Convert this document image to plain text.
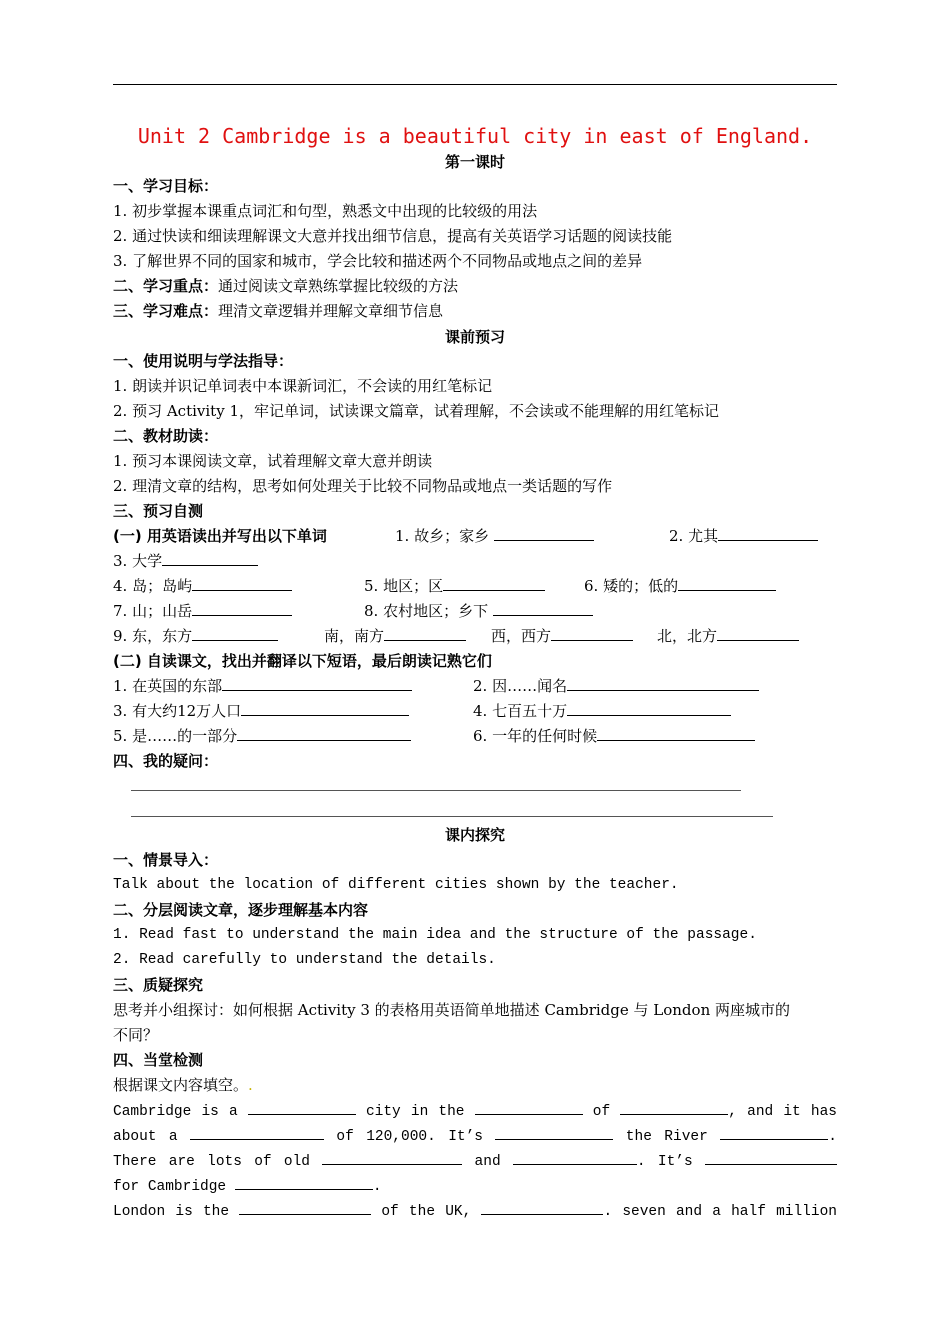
Unit 2 Cambridge is a beautiful city in east of England.
第一课时
一、学习目标：
1. 初步掌握本课重点词汇和句型，熟悉文中出现的比较级的用法
2. 通过快读和细读理解课文大意并找出细节信息，提高有关英语学习话题的阅读技能
3. 了解世界不同的国家和城市，学会比较和描述两个不同物品或地点之间的差异
二、学习重点：通过阅读文章熟练掌握比较级的方法
三、学习难点：理清文章逻辑并理解文章细节信息
课前预习
一、使用说明与学法指导：
1. 朗读并识记单词表中本课新词汇，不会读的用红笔标记
2. 预习 Activity 1，牢记单词，试读课文篇章，试着理解，不会读或不能理解的用红笔标记
二、教材助读：
1. 预习本课阅读文章，试着理解文章大意并朗读
2. 理清文章的结构，思考如何处理关于比较不同物品或地点一类话题的写作
三、预习自测
(一) 用英语读出并写出以下单词	1. 故乡；家乡	2. 尤其
3. 大学
4. 岛；岛屿	5. 地区；区	6. 矮的；低的
7. 山；山岳	8. 农村地区；乡下
9. 东，东方	南，南方	西，西方	北，北方
(二) 自读课文，找出并翻译以下短语，最后朗读记熟它们
1. 在英国的东部	2. 因……闻名
3. 有大约12万人口	4. 七百五十万
5. 是……的一部分	6. 一年的任何时候
四、我的疑问：
课内探究
一、情景导入：
Talk about the location of different cities shown by the teacher.
二、分层阅读文章，逐步理解基本内容
1. Read fast to understand the main idea and the structure of the passage.
2. Read carefully to understand the details.
三、质疑探究
思考并小组探讨：如何根据 Activity 3 的表格用英语简单地描述 Cambridge 与 London 两座城市的
不同？
四、当堂检测
根据课文内容填空。.
Cambridge is a	city in the	of	, and it has
about a	of 120,000. It’s	the River	.
There are lots of old	and	. It’s
for Cambridge	.
London is the	of the UK,	. seven and a half million
